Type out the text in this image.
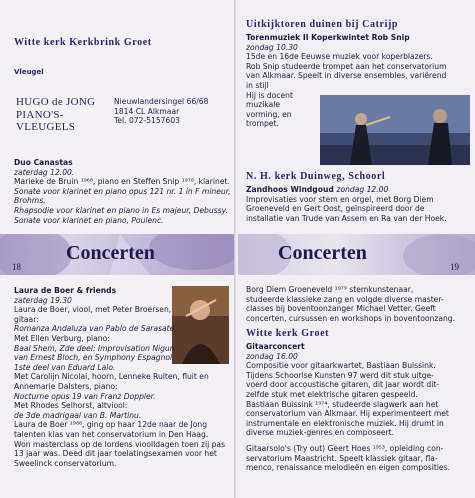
Witte kerk Kerkbrink Groet
Vleugel
HUGO de JONG
PIANO'S-VLEUGELS
Nieuwlandersingel 66/68
1814 CL Alkmaar
Tel. 072-5157603
Duo Canastas
zaterdag 12.00.
Marieke de Bruin ¹⁹⁶⁸, piano en Steffen Snip ¹⁹⁷⁸, klarinet.
Sonate voor klarinet en piano opus 121 nr. 1 in F mineur,
Brohms.
Rhapsodie voor klarinet en piano in Es majeur, Debussy.
Sonate voor klarinet en piano, Poulenc.
Concerten
18
Laura de Boer & friends
zaterdag 19.30
Laura de Boer, viool, met Peter Broersen,
gitaar:
Romanza Andaluza van Pablo de Sarasate.
Met Ellen Verburg, piano:
Baal Shem, Zde deel: Improvisation Nigun
van Ernest Bloch, en Symphony Espagnol
1ste deel van Eduard Lalo.
Met Carolijn Nicolai, hoorn, Lenneke Ruiten, fluit en
Annemarie Dalsters, piano:
Nocturne opus 19 van Franz Doppler.
Met Rhodes Selhorst, altviool:
de 3de madrigaal van B. Martinu.
Laura de Boer ¹⁹⁸⁶, ging op haar 12de naar de Jong
talenten klas van het conservatorium in Den Haag.
Won masterclass op de Iordens vioolldagen toen zij pas
13 jaar was. Deed dit jaar toelatingsexamen voor het
Sweelinck conservatorium.
Uitkijktoren duinen bij Catrijp
Torenmuziek II Koperkwintet Rob Snip
zondag 10.30
15de en 16de Eeuwse muziek voor koperblazers.
Rob Snip studeerde trompet aan het conservatorium
van Alkmaar. Speelt in diverse ensembles, variërend
in stijl
Hij is docent
muzikale
vorming, en
trompet.
N. H. kerk Duinweg, Schoorl
Zandhoos Windgoud zondag 12.00
Improvisaties voor stem en orgel, met Borg Diem
Groeneveld en Gert Oost, geïnspireerd door de
installatie van Trude van Assem en Ra van der Hoek.
Concerten
19
Borg Diem Groeneveld ¹⁹⁷⁹ stemkunstenaar,
studeerde klassieke zang en volgde diverse master-
classes bij boventoonzanger Michael Vetter. Geeft
concerten, cursussen en workshops in boventoonzang.
Witte kerk Groet
Gitaarconcert
zondag 16.00
Compositie voor gitaarkwartet, Bastiaan Buissink.
Tijdens Schoorlse Kunsten 97 werd dit stuk uitge-
voerd door accoustische gitaren, dit jaar wordt dit-
zelfde stuk met elektrische gitaren gespeeld.
Bastiaan Buissink ¹⁹⁷⁴, studeerde slagwerk aan het
conservatorium van Alkmaar. Hij experimenteert met
instrumentale en elektronische muziek. Hij drumt in
diverse muziek-genres en composeert.
Gitaarsolo's (Try out) Geert Hoes ¹⁹⁵³, opleiding con-
servatorium Maastricht. Speelt klassiek gitaar, fla-
menco, renaissance melodieën en eigen composities.
